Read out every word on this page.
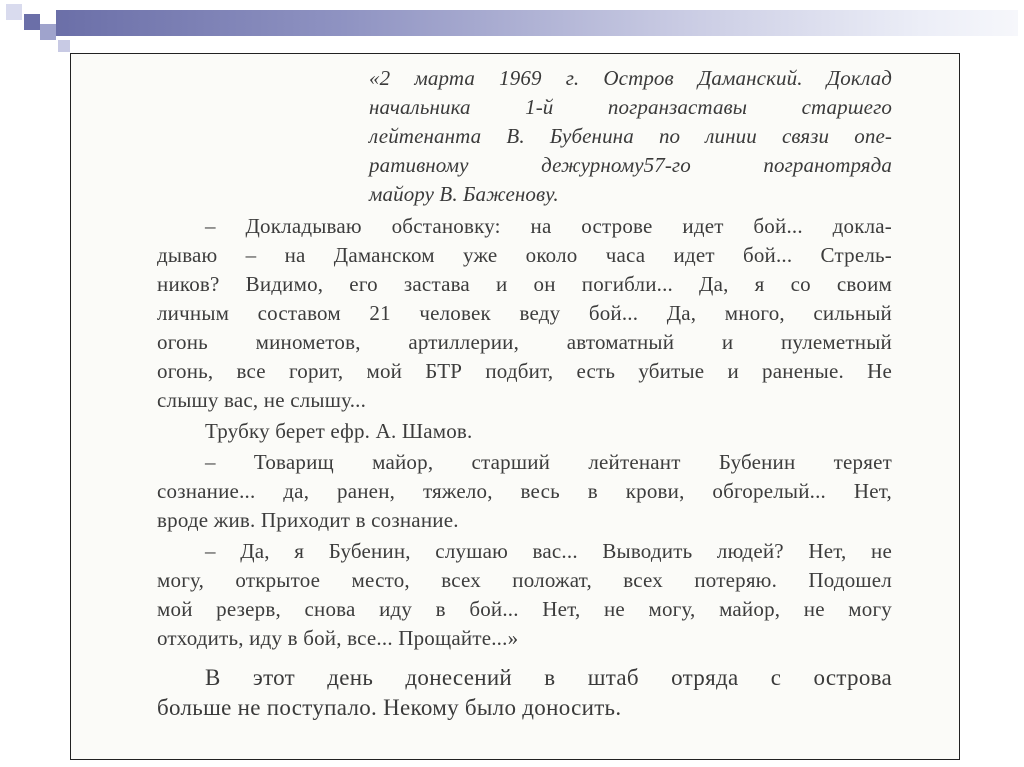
«2 марта 1969 г. Остров Даманский. Доклад
начальника 1-й погранзаставы старшего
лейтенанта В. Бубенина по линии связи опе-
ративному дежурному57-го погранотряда
майору В. Баженову.
– Докладываю обстановку: на острове идет бой... докла-
дываю – на Даманском уже около часа идет бой... Стрель-
ников? Видимо, его застава и он погибли... Да, я со своим
личным составом 21 человек веду бой... Да, много, сильный
огонь минометов, артиллерии, автоматный и пулеметный
огонь, все горит, мой БТР подбит, есть убитые и раненые. Не
слышу вас, не слышу...
Трубку берет ефр. А. Шамов.
– Товарищ майор, старший лейтенант Бубенин теряет
сознание... да, ранен, тяжело, весь в крови, обгорелый... Нет,
вроде жив. Приходит в сознание.
– Да, я Бубенин, слушаю вас... Выводить людей? Нет, не
могу, открытое место, всех положат, всех потеряю. Подошел
мой резерв, снова иду в бой... Нет, не могу, майор, не могу
отходить, иду в бой, все... Прощайте...»
В этот день донесений в штаб отряда с острова
больше не поступало. Некому было доносить.
